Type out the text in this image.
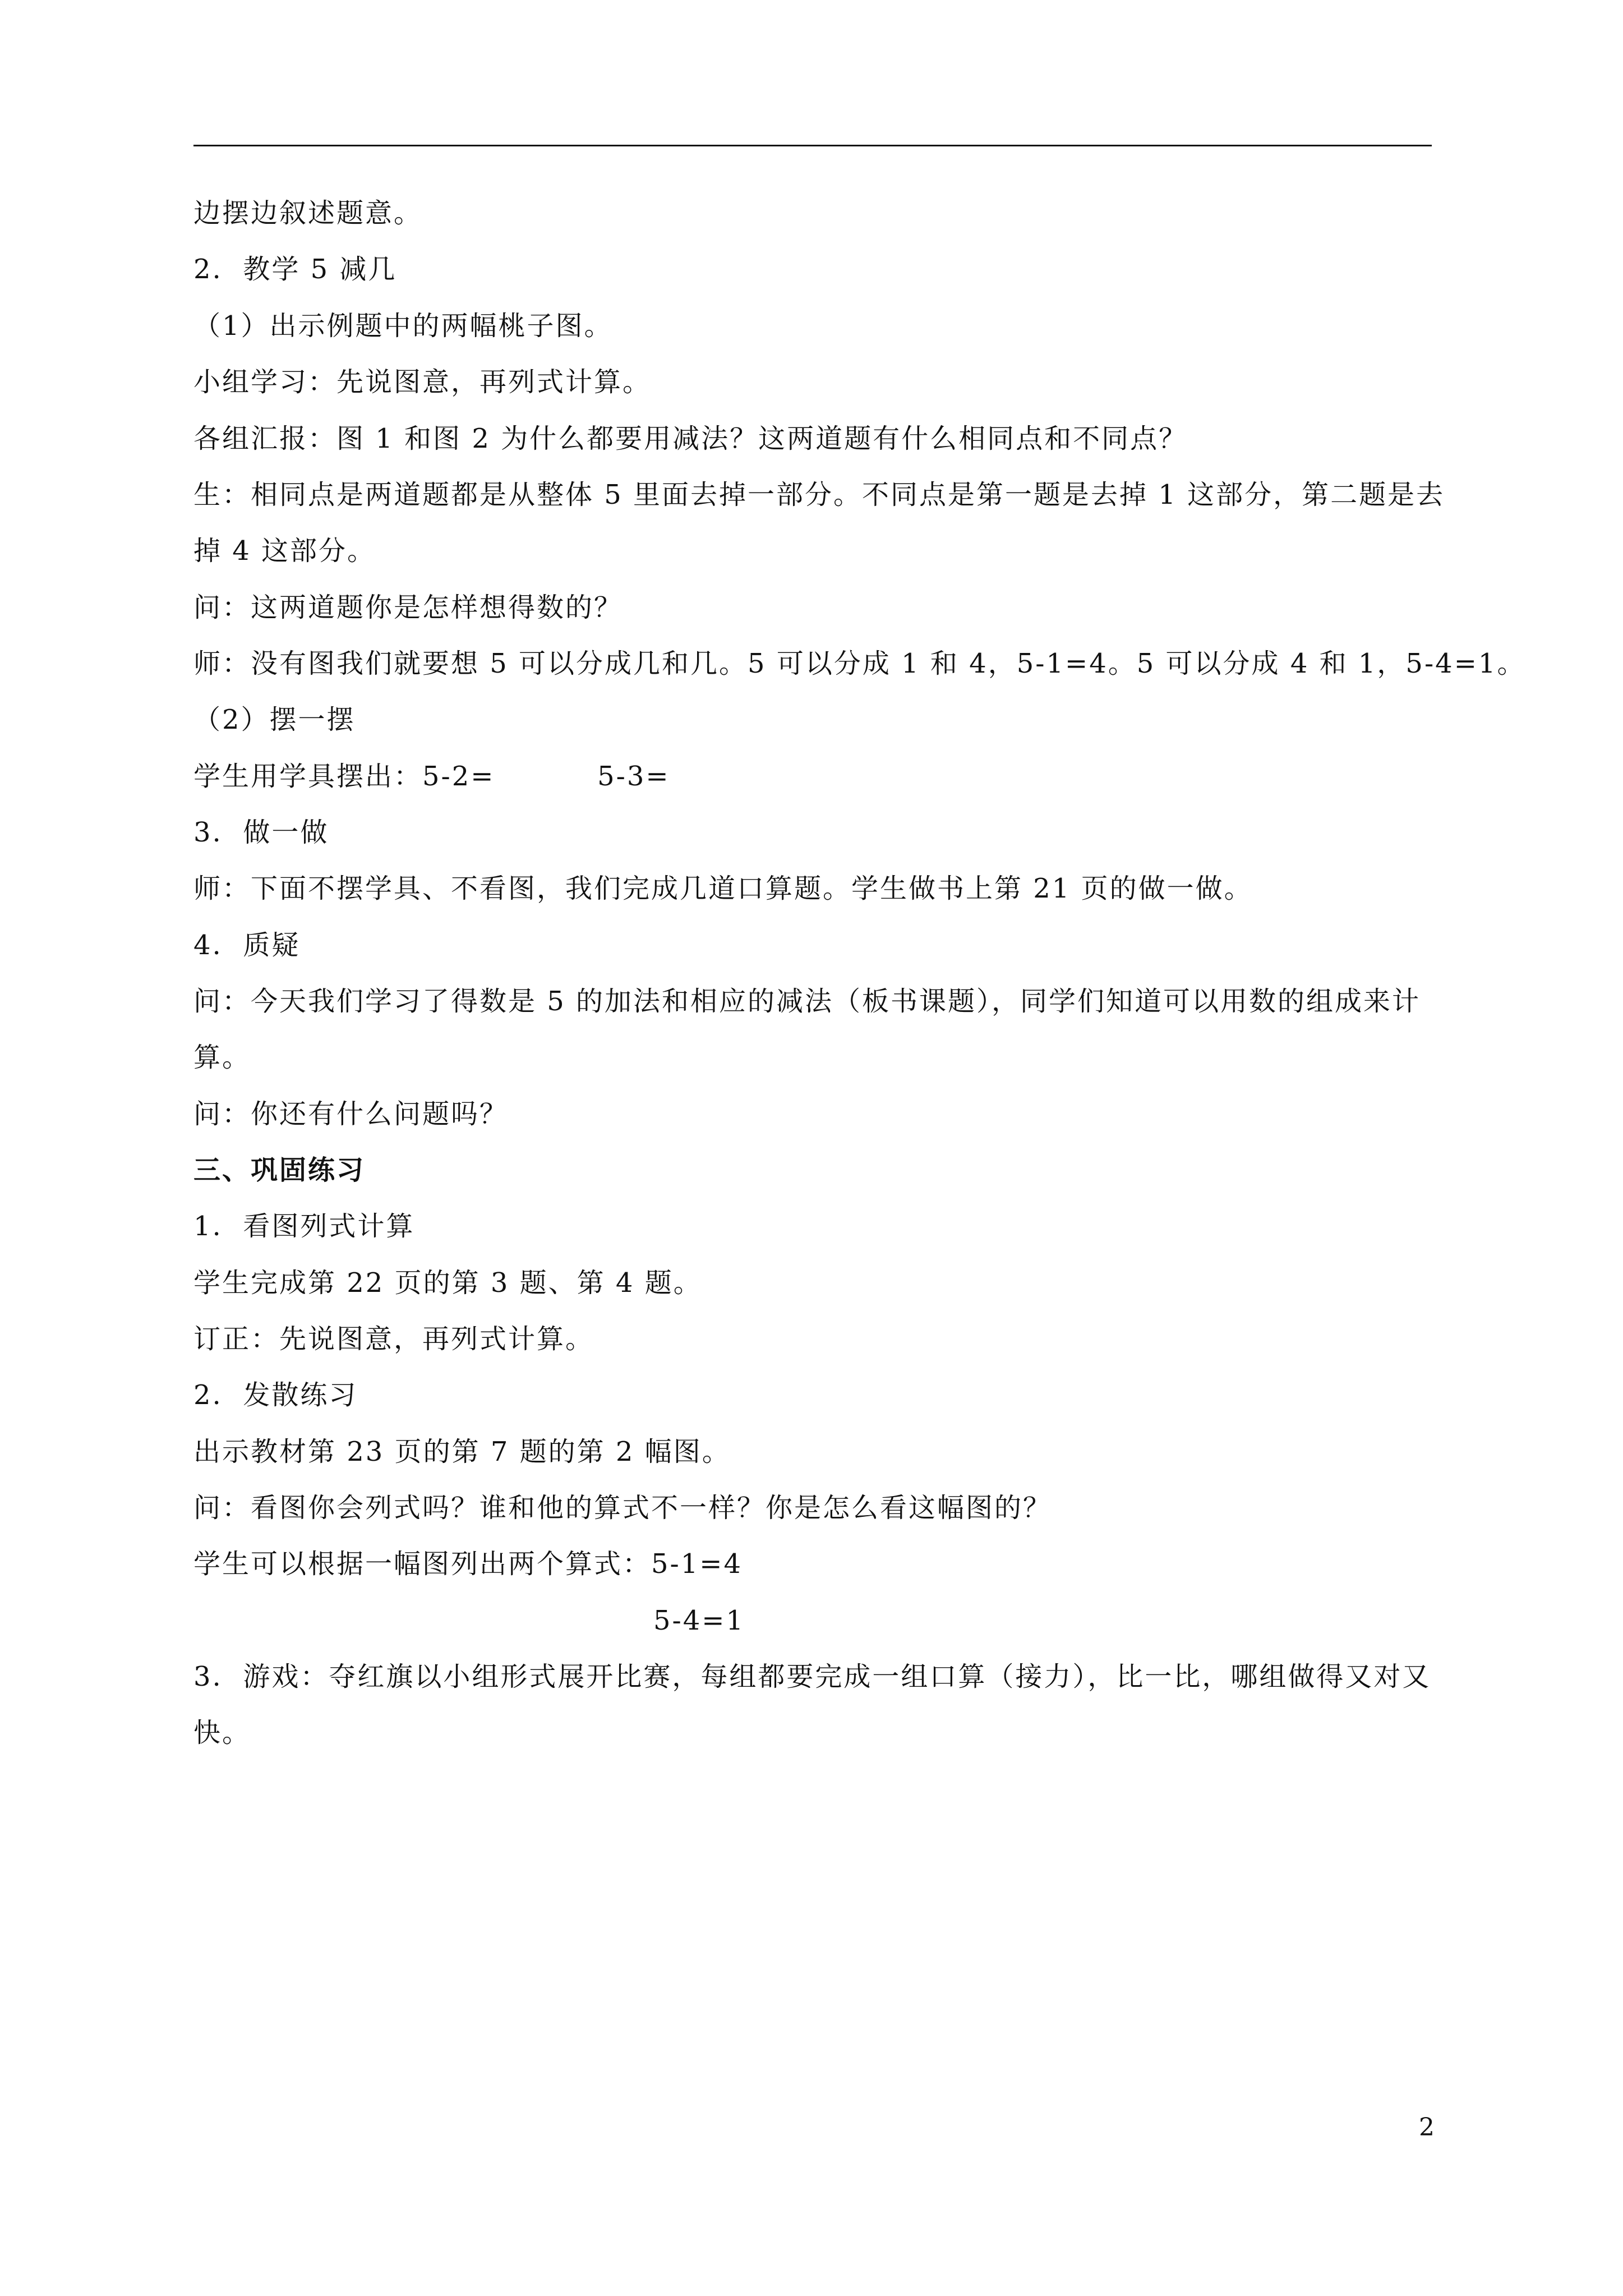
边摆边叙述题意。
2.  教学 5 减几
（1）出示例题中的两幅桃子图。
小组学习：先说图意，再列式计算。
各组汇报：图 1 和图 2 为什么都要用减法？这两道题有什么相同点和不同点？
生：相同点是两道题都是从整体 5 里面去掉一部分。不同点是第一题是去掉 1 这部分，第二题是去
掉 4 这部分。
问：这两道题你是怎样想得数的？
师：没有图我们就要想 5 可以分成几和几。5 可以分成 1 和 4，5-1=4。5 可以分成 4 和 1，5-4=1。
（2）摆一摆
学生用学具摆出：5-2=          5-3=
3.  做一做
师：下面不摆学具、不看图，我们完成几道口算题。学生做书上第 21 页的做一做。
4.  质疑
问：今天我们学习了得数是 5 的加法和相应的减法（板书课题），同学们知道可以用数的组成来计
算。
问：你还有什么问题吗？
三、巩固练习
1.  看图列式计算
学生完成第 22 页的第 3 题、第 4 题。
订正：先说图意，再列式计算。
2.  发散练习
出示教材第 23 页的第 7 题的第 2 幅图。
问：看图你会列式吗？谁和他的算式不一样？你是怎么看这幅图的？
学生可以根据一幅图列出两个算式：5-1=4
5-4=1
3.  游戏：夺红旗以小组形式展开比赛，每组都要完成一组口算（接力），比一比，哪组做得又对又
快。
2
